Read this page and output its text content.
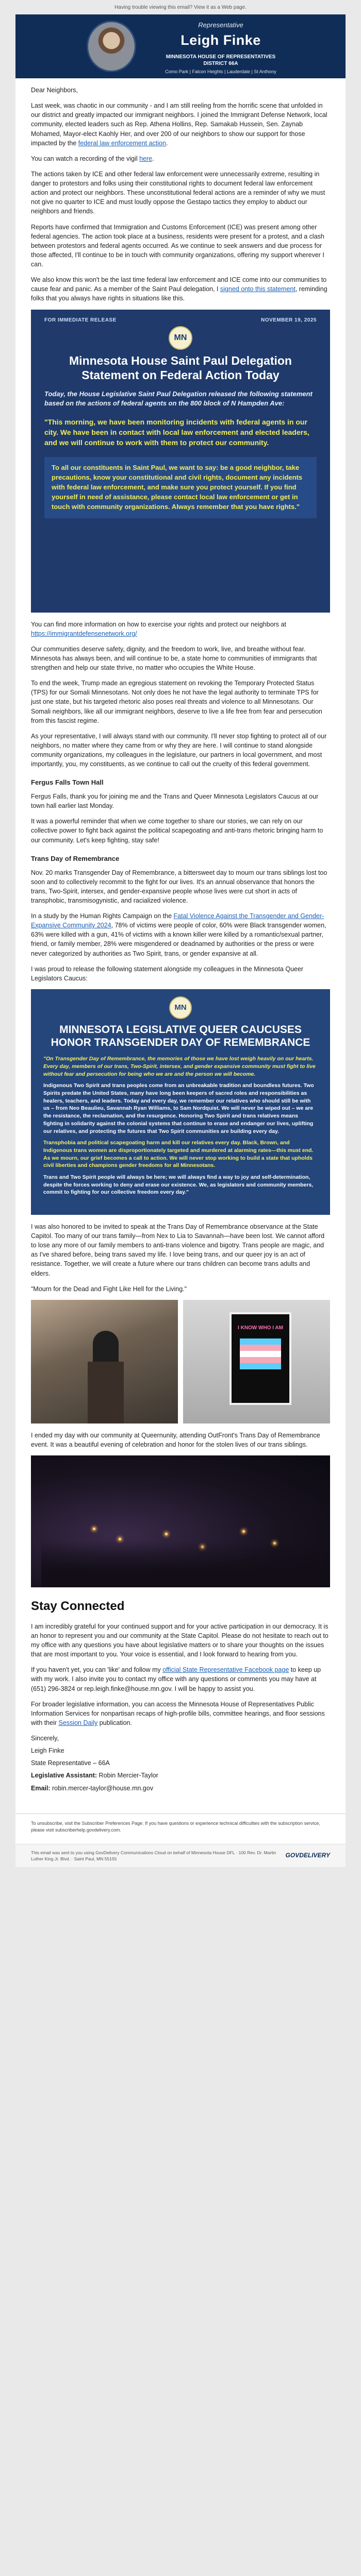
Having trouble viewing this email? View it as a Web page.
Representative
Leigh Finke
MINNESOTA HOUSE OF REPRESENTATIVES
DISTRICT 66A
Como Park | Falcon Heights | Lauderdale | St Anthony

Dear Neighbors,

Last week, was chaotic in our community - and I am still reeling from the horrific scene that unfolded in our district and greatly impacted our immigrant neighbors. I joined the Immigrant Defense Network, local community, elected leaders such as Rep. Athena Hollins, Rep. Samakab Hussein, Sen. Zaynab Mohamed, Mayor-elect Kaohly Her, and over 200 of our neighbors to show our support for those impacted by the federal law enforcement action.

You can watch a recording of the vigil here.

The actions taken by ICE and other federal law enforcement were unnecessarily extreme, resulting in danger to protestors and folks using their constitutional rights to document federal law enforcement action and protect our neighbors. These unconstitutional federal actions are a reminder of why we must not give no quarter to ICE and must loudly oppose the Gestapo tactics they employ to abduct our neighbors and friends.

Reports have confirmed that Immigration and Customs Enforcement (ICE) was present among other federal agencies. The action took place at a business, residents were present for a protest, and a clash between protestors and federal agents occurred. As we continue to seek answers and due process for those affected, I'll continue to be in touch with community organizations, offering my support wherever I can.

We also know this won't be the last time federal law enforcement and ICE come into our communities to cause fear and panic. As a member of the Saint Paul delegation, I signed onto this statement, reminding folks that you always have rights in situations like this.

FOR IMMEDIATE RELEASE	NOVEMBER 19, 2025
MN
Minnesota House Saint Paul Delegation Statement on Federal Action Today
Today, the House Legislative Saint Paul Delegation released the following statement based on the actions of federal agents on the 800 block of N Hampden Ave:
"This morning, we have been monitoring incidents with federal agents in our city. We have been in contact with local law enforcement and elected leaders, and we will continue to work with them to protect our community.
To all our constituents in Saint Paul, we want to say: be a good neighbor, take precautions, know your constitutional and civil rights, document any incidents with federal law enforcement, and make sure you protect yourself. If you find yourself in need of assistance, please contact local law enforcement or get in touch with community organizations. Always remember that you have rights."

You can find more information on how to exercise your rights and protect our neighbors at https://immigrantdefensenetwork.org/

Our communities deserve safety, dignity, and the freedom to work, live, and breathe without fear. Minnesota has always been, and will continue to be, a state home to communities of immigrants that strengthen and help our state thrive, no matter who occupies the White House.

To end the week, Trump made an egregious statement on revoking the Temporary Protected Status (TPS) for our Somali Minnesotans. Not only does he not have the legal authority to terminate TPS for just one state, but his targeted rhetoric also poses real threats and violence to all Minnesotans. Our Somali neighbors, like all our immigrant neighbors, deserve to live a life free from fear and persecution from this fascist regime.

As your representative, I will always stand with our community. I'll never stop fighting to protect all of our neighbors, no matter where they came from or why they are here. I will continue to stand alongside community organizations, my colleagues in the legislature, our partners in local government, and most importantly, you, my constituents, as we continue to call out the cruelty of this federal government.

Fergus Falls Town Hall

Fergus Falls, thank you for joining me and the Trans and Queer Minnesota Legislators Caucus at our town hall earlier last Monday.

It was a powerful reminder that when we come together to share our stories, we can rely on our collective power to fight back against the political scapegoating and anti-trans rhetoric bringing harm to our community. Let's keep fighting, stay safe!

Trans Day of Remembrance

Nov. 20 marks Transgender Day of Remembrance, a bittersweet day to mourn our trans siblings lost too soon and to collectively recommit to the fight for our lives. It's an annual observance that honors the trans, Two-Spirit, intersex, and gender-expansive people whose lives were cut short in acts of transphobic, transmisogynistic, and racialized violence.

In a study by the Human Rights Campaign on the Fatal Violence Against the Transgender and Gender-Expansive Community 2024, 78% of victims were people of color, 60% were Black transgender women, 63% were killed with a gun, 41% of victims with a known killer were killed by a romantic/sexual partner, friend, or family member, 28% were misgendered or deadnamed by authorities or the press or were never categorized by authorities as Two Spirit, trans, or gender expansive at all.

I was proud to release the following statement alongside my colleagues in the Minnesota Queer Legislators Caucus:

MN
MINNESOTA LEGISLATIVE QUEER CAUCUSES HONOR TRANSGENDER DAY OF REMEMBRANCE
"On Transgender Day of Remembrance, the memories of those we have lost weigh heavily on our hearts. Every day, members of our trans, Two-Spirit, intersex, and gender expansive community must fight to live without fear and persecution for being who we are and the person we will become.
Indigenous Two Spirit and trans peoples come from an unbreakable tradition and boundless futures. Two Spirits predate the United States, many have long been keepers of sacred roles and responsibilities as healers, teachers, and leaders. Today and every day, we remember our relatives who should still be with us – from Neo Beaulieu, Savannah Ryan Williams, to Sam Nordquist. We will never be wiped out – we are the resistance, the reclamation, and the resurgence. Honoring Two Spirit and trans relatives means fighting in solidarity against the colonial systems that continue to erase and endanger our lives, uplifting our relatives, and protecting the futures that Two Spirit communities are building every day.
Transphobia and political scapegoating harm and kill our relatives every day. Black, Brown, and Indigenous trans women are disproportionately targeted and murdered at alarming rates—this must end. As we mourn, our grief becomes a call to action. We will never stop working to build a state that upholds civil liberties and champions gender freedoms for all Minnesotans.
Trans and Two Spirit people will always be here; we will always find a way to joy and self-determination, despite the forces working to deny and erase our existence. We, as legislators and community members, commit to fighting for our collective freedom every day."

I was also honored to be invited to speak at the Trans Day of Remembrance observance at the State Capitol. Too many of our trans family—from Nex to Lia to Savannah—have been lost. We cannot afford to lose any more of our family members to anti-trans violence and bigotry. Trans people are magic, and as I've shared before, being trans saved my life. I love being trans, and our queer joy is an act of resistance. Together, we will create a future where our trans children can become trans adults and elders.

"Mourn for the Dead and Fight Like Hell for the Living."

I KNOW WHO I AM

I ended my day with our community at Queernunity, attending OutFront's Trans Day of Remembrance event. It was a beautiful evening of celebration and honor for the stolen lives of our trans siblings.

Stay Connected

I am incredibly grateful for your continued support and for your active participation in our democracy. It is an honor to represent you and our community at the State Capitol. Please do not hesitate to reach out to my office with any questions you have about legislative matters or to share your thoughts on the issues that are most important to you. Your voice is essential, and I look forward to hearing from you.

If you haven't yet, you can 'like' and follow my official State Representative Facebook page to keep up with my work. I also invite you to contact my office with any questions or comments you may have at (651) 296-3824 or rep.leigh.finke@house.mn.gov. I will be happy to assist you.

For broader legislative information, you can access the Minnesota House of Representatives Public Information Services for nonpartisan recaps of high-profile bills, committee hearings, and floor sessions with their Session Daily publication.

Sincerely,

Leigh Finke

State Representative – 66A

Legislative Assistant: Robin Mercier-Taylor

Email: robin.mercer-taylor@house.mn.gov

To unsubscribe, visit the Subscriber Preferences Page. If you have questions or experience technical difficulties with the subscription service, please visit subscriberhelp.govdelivery.com.
This email was sent to you using GovDelivery Communications Cloud on behalf of Minnesota House DFL · 100 Rev. Dr. Martin Luther King Jr. Blvd. · Saint Paul, MN 55155	GOVDELIVERY
